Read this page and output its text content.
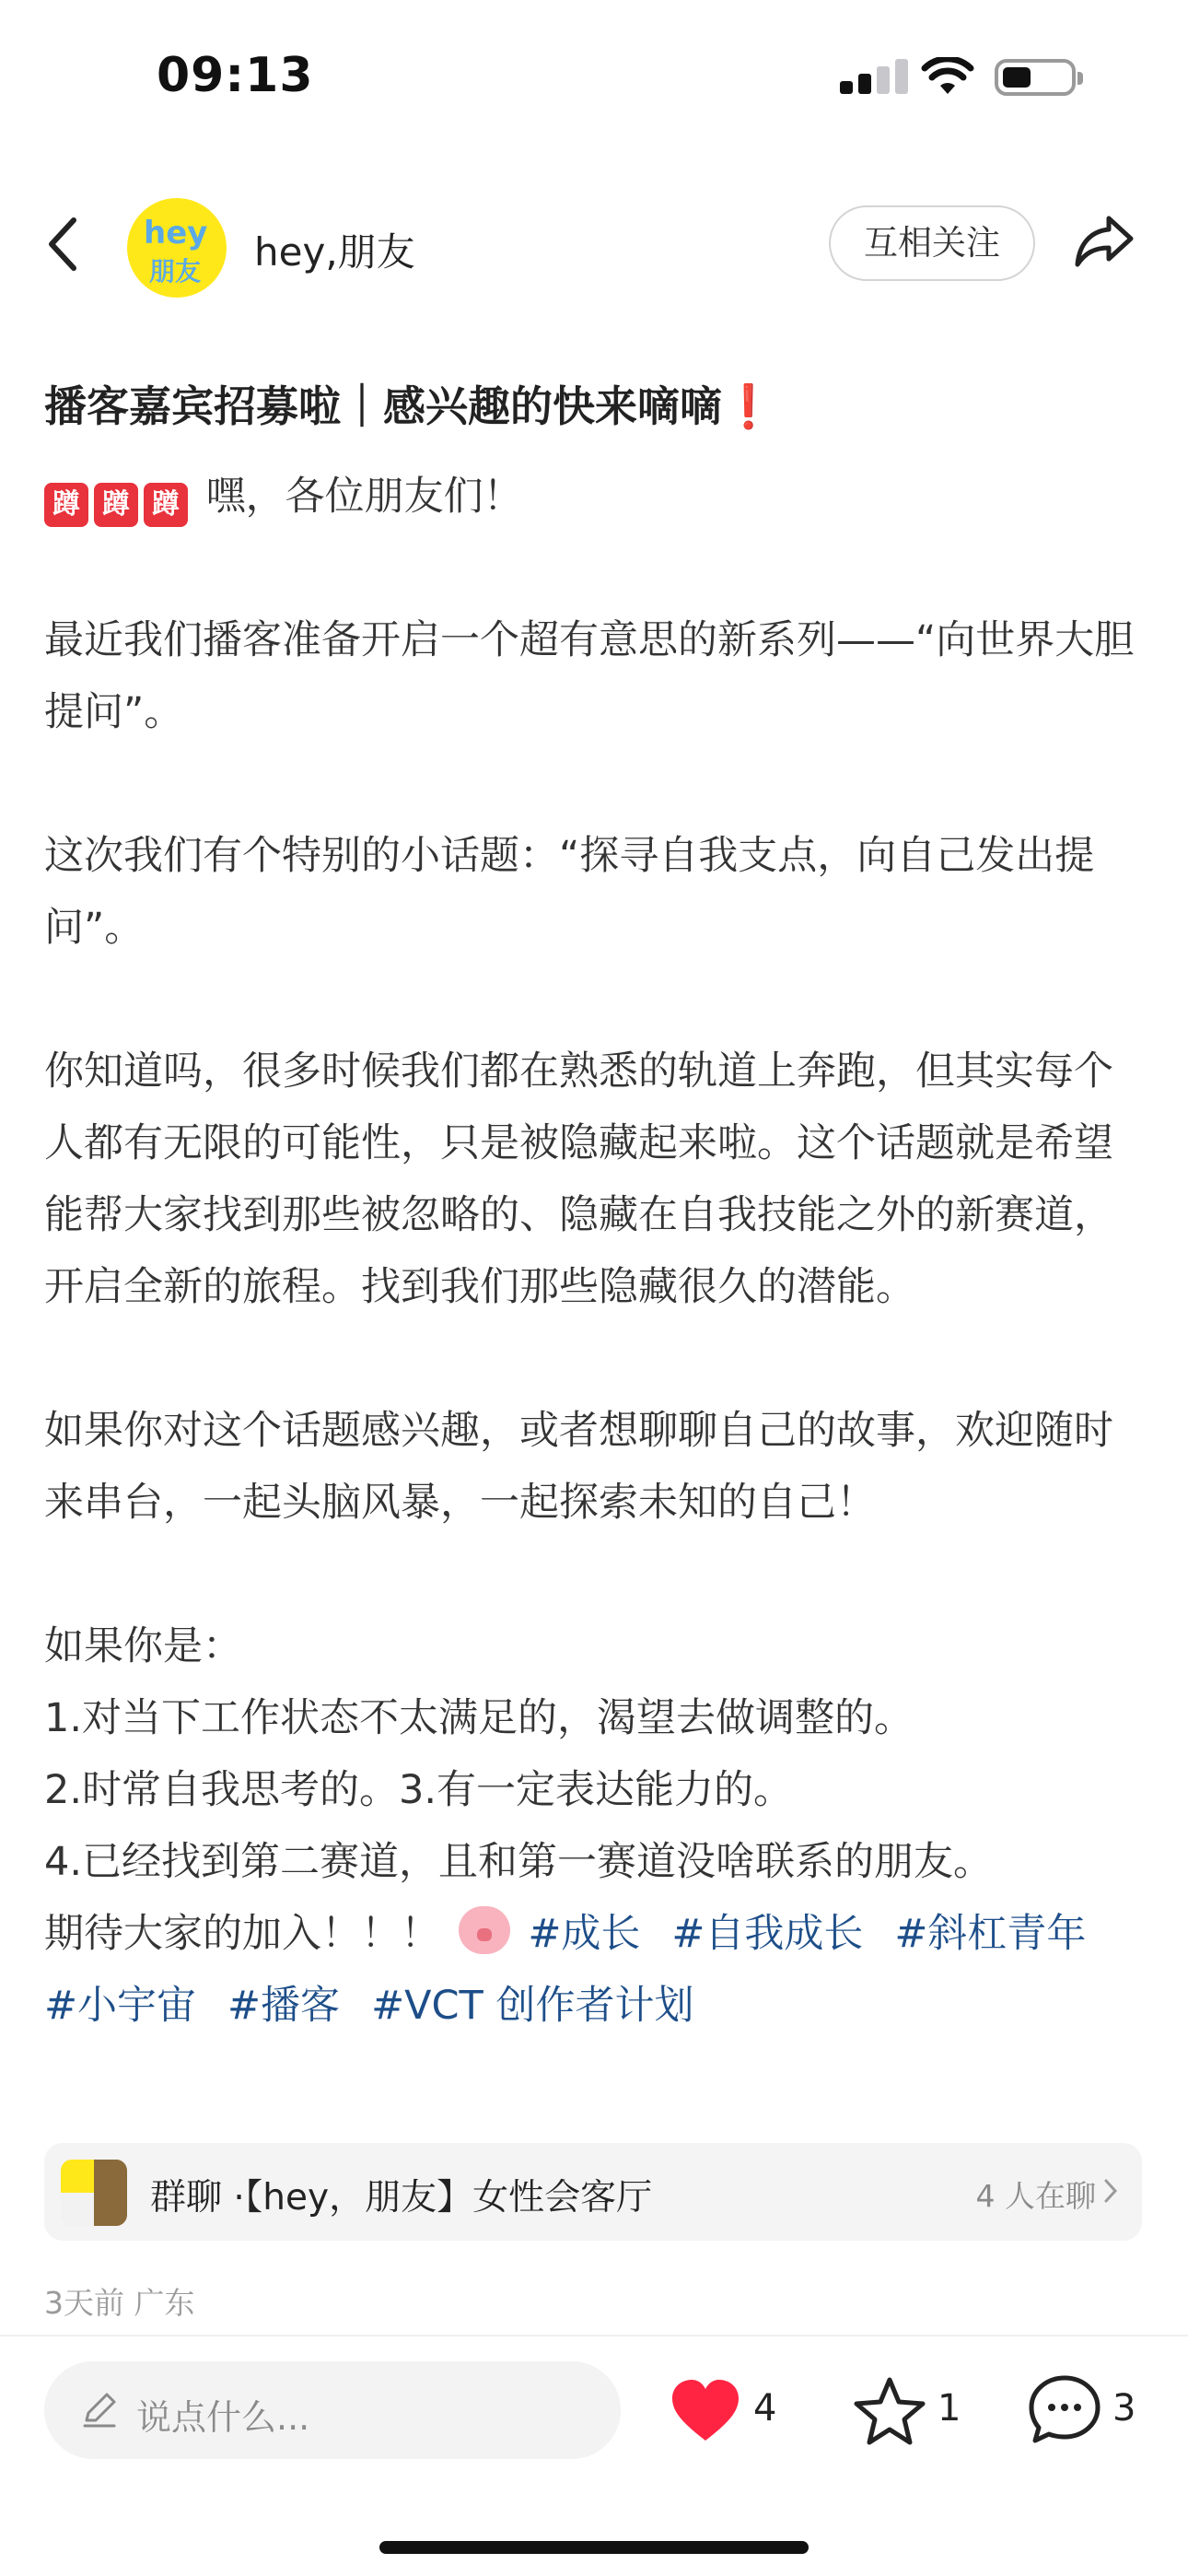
09:13
hey
朋友 hey,朋友	互相关注
播客嘉宾招募啦｜感兴趣的快来嘀嘀❗

蹲 蹲 蹲 嘿，各位朋友们！

最近我们播客准备开启一个超有意思的新系列——“向世界大胆提问”。

这次我们有个特别的小话题：“探寻自我支点，向自己发出提问”。

你知道吗，很多时候我们都在熟悉的轨道上奔跑，但其实每个人都有无限的可能性，只是被隐藏起来啦。这个话题就是希望能帮大家找到那些被忽略的、隐藏在自我技能之外的新赛道，开启全新的旅程。找到我们那些隐藏很久的潜能。

如果你对这个话题感兴趣，或者想聊聊自己的故事，欢迎随时来串台，一起头脑风暴，一起探索未知的自己！

如果你是：

1.对当下工作状态不太满足的，渴望去做调整的。

2.时常自我思考的。3.有一定表达能力的。

4.已经找到第二赛道，且和第一赛道没啥联系的朋友。

期待大家的加入！！！ #成长 #自我成长 #斜杠青年

#小宇宙 #播客 #VCT 创作者计划

群聊 ·【hey，朋友】女性会客厅	4 人在聊
3天前 广东
说点什么...	4	1	3
